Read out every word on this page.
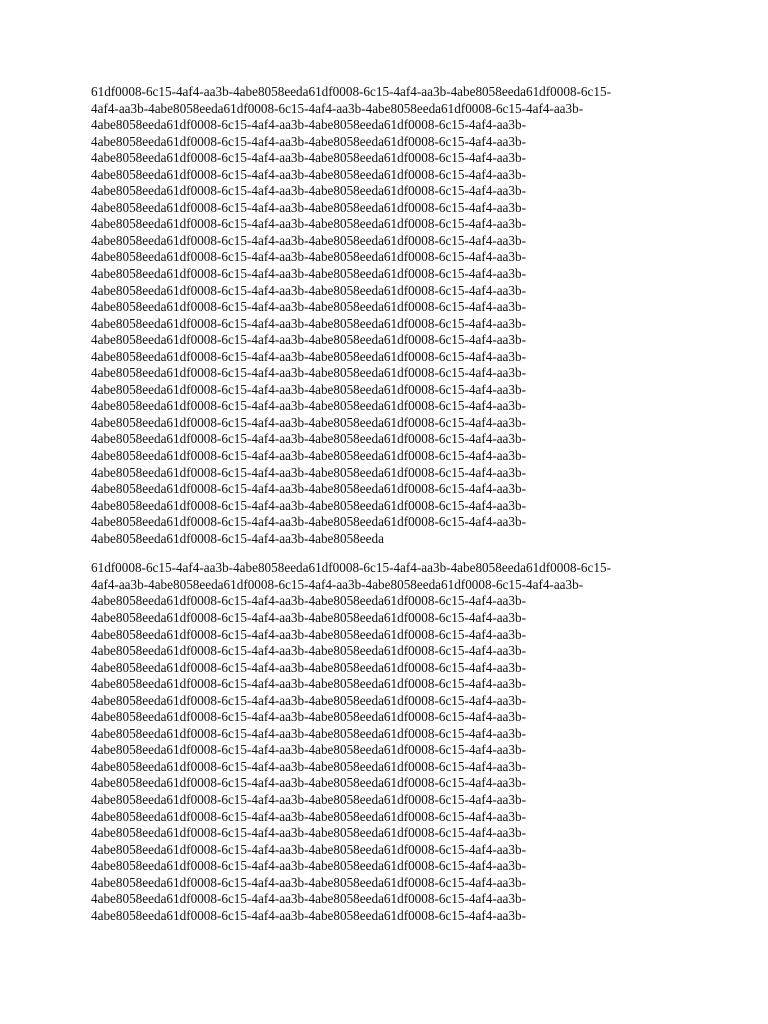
61df0008-6c15-4af4-aa3b-4abe8058eeda61df0008-6c15-4af4-aa3b-4abe8058eeda61df0008-6c15-
4af4-aa3b-4abe8058eeda61df0008-6c15-4af4-aa3b-4abe8058eeda61df0008-6c15-4af4-aa3b-
4abe8058eeda61df0008-6c15-4af4-aa3b-4abe8058eeda61df0008-6c15-4af4-aa3b-
4abe8058eeda61df0008-6c15-4af4-aa3b-4abe8058eeda61df0008-6c15-4af4-aa3b-
4abe8058eeda61df0008-6c15-4af4-aa3b-4abe8058eeda61df0008-6c15-4af4-aa3b-
4abe8058eeda61df0008-6c15-4af4-aa3b-4abe8058eeda61df0008-6c15-4af4-aa3b-
4abe8058eeda61df0008-6c15-4af4-aa3b-4abe8058eeda61df0008-6c15-4af4-aa3b-
4abe8058eeda61df0008-6c15-4af4-aa3b-4abe8058eeda61df0008-6c15-4af4-aa3b-
4abe8058eeda61df0008-6c15-4af4-aa3b-4abe8058eeda61df0008-6c15-4af4-aa3b-
4abe8058eeda61df0008-6c15-4af4-aa3b-4abe8058eeda61df0008-6c15-4af4-aa3b-
4abe8058eeda61df0008-6c15-4af4-aa3b-4abe8058eeda61df0008-6c15-4af4-aa3b-
4abe8058eeda61df0008-6c15-4af4-aa3b-4abe8058eeda61df0008-6c15-4af4-aa3b-
4abe8058eeda61df0008-6c15-4af4-aa3b-4abe8058eeda61df0008-6c15-4af4-aa3b-
4abe8058eeda61df0008-6c15-4af4-aa3b-4abe8058eeda61df0008-6c15-4af4-aa3b-
4abe8058eeda61df0008-6c15-4af4-aa3b-4abe8058eeda61df0008-6c15-4af4-aa3b-
4abe8058eeda61df0008-6c15-4af4-aa3b-4abe8058eeda61df0008-6c15-4af4-aa3b-
4abe8058eeda61df0008-6c15-4af4-aa3b-4abe8058eeda61df0008-6c15-4af4-aa3b-
4abe8058eeda61df0008-6c15-4af4-aa3b-4abe8058eeda61df0008-6c15-4af4-aa3b-
4abe8058eeda61df0008-6c15-4af4-aa3b-4abe8058eeda61df0008-6c15-4af4-aa3b-
4abe8058eeda61df0008-6c15-4af4-aa3b-4abe8058eeda61df0008-6c15-4af4-aa3b-
4abe8058eeda61df0008-6c15-4af4-aa3b-4abe8058eeda61df0008-6c15-4af4-aa3b-
4abe8058eeda61df0008-6c15-4af4-aa3b-4abe8058eeda61df0008-6c15-4af4-aa3b-
4abe8058eeda61df0008-6c15-4af4-aa3b-4abe8058eeda61df0008-6c15-4af4-aa3b-
4abe8058eeda61df0008-6c15-4af4-aa3b-4abe8058eeda61df0008-6c15-4af4-aa3b-
4abe8058eeda61df0008-6c15-4af4-aa3b-4abe8058eeda61df0008-6c15-4af4-aa3b-
4abe8058eeda61df0008-6c15-4af4-aa3b-4abe8058eeda61df0008-6c15-4af4-aa3b-
4abe8058eeda61df0008-6c15-4af4-aa3b-4abe8058eeda61df0008-6c15-4af4-aa3b-
4abe8058eeda61df0008-6c15-4af4-aa3b-4abe8058eeda
61df0008-6c15-4af4-aa3b-4abe8058eeda61df0008-6c15-4af4-aa3b-4abe8058eeda61df0008-6c15-
4af4-aa3b-4abe8058eeda61df0008-6c15-4af4-aa3b-4abe8058eeda61df0008-6c15-4af4-aa3b-
4abe8058eeda61df0008-6c15-4af4-aa3b-4abe8058eeda61df0008-6c15-4af4-aa3b-
4abe8058eeda61df0008-6c15-4af4-aa3b-4abe8058eeda61df0008-6c15-4af4-aa3b-
4abe8058eeda61df0008-6c15-4af4-aa3b-4abe8058eeda61df0008-6c15-4af4-aa3b-
4abe8058eeda61df0008-6c15-4af4-aa3b-4abe8058eeda61df0008-6c15-4af4-aa3b-
4abe8058eeda61df0008-6c15-4af4-aa3b-4abe8058eeda61df0008-6c15-4af4-aa3b-
4abe8058eeda61df0008-6c15-4af4-aa3b-4abe8058eeda61df0008-6c15-4af4-aa3b-
4abe8058eeda61df0008-6c15-4af4-aa3b-4abe8058eeda61df0008-6c15-4af4-aa3b-
4abe8058eeda61df0008-6c15-4af4-aa3b-4abe8058eeda61df0008-6c15-4af4-aa3b-
4abe8058eeda61df0008-6c15-4af4-aa3b-4abe8058eeda61df0008-6c15-4af4-aa3b-
4abe8058eeda61df0008-6c15-4af4-aa3b-4abe8058eeda61df0008-6c15-4af4-aa3b-
4abe8058eeda61df0008-6c15-4af4-aa3b-4abe8058eeda61df0008-6c15-4af4-aa3b-
4abe8058eeda61df0008-6c15-4af4-aa3b-4abe8058eeda61df0008-6c15-4af4-aa3b-
4abe8058eeda61df0008-6c15-4af4-aa3b-4abe8058eeda61df0008-6c15-4af4-aa3b-
4abe8058eeda61df0008-6c15-4af4-aa3b-4abe8058eeda61df0008-6c15-4af4-aa3b-
4abe8058eeda61df0008-6c15-4af4-aa3b-4abe8058eeda61df0008-6c15-4af4-aa3b-
4abe8058eeda61df0008-6c15-4af4-aa3b-4abe8058eeda61df0008-6c15-4af4-aa3b-
4abe8058eeda61df0008-6c15-4af4-aa3b-4abe8058eeda61df0008-6c15-4af4-aa3b-
4abe8058eeda61df0008-6c15-4af4-aa3b-4abe8058eeda61df0008-6c15-4af4-aa3b-
4abe8058eeda61df0008-6c15-4af4-aa3b-4abe8058eeda61df0008-6c15-4af4-aa3b-
4abe8058eeda61df0008-6c15-4af4-aa3b-4abe8058eeda61df0008-6c15-4af4-aa3b-
